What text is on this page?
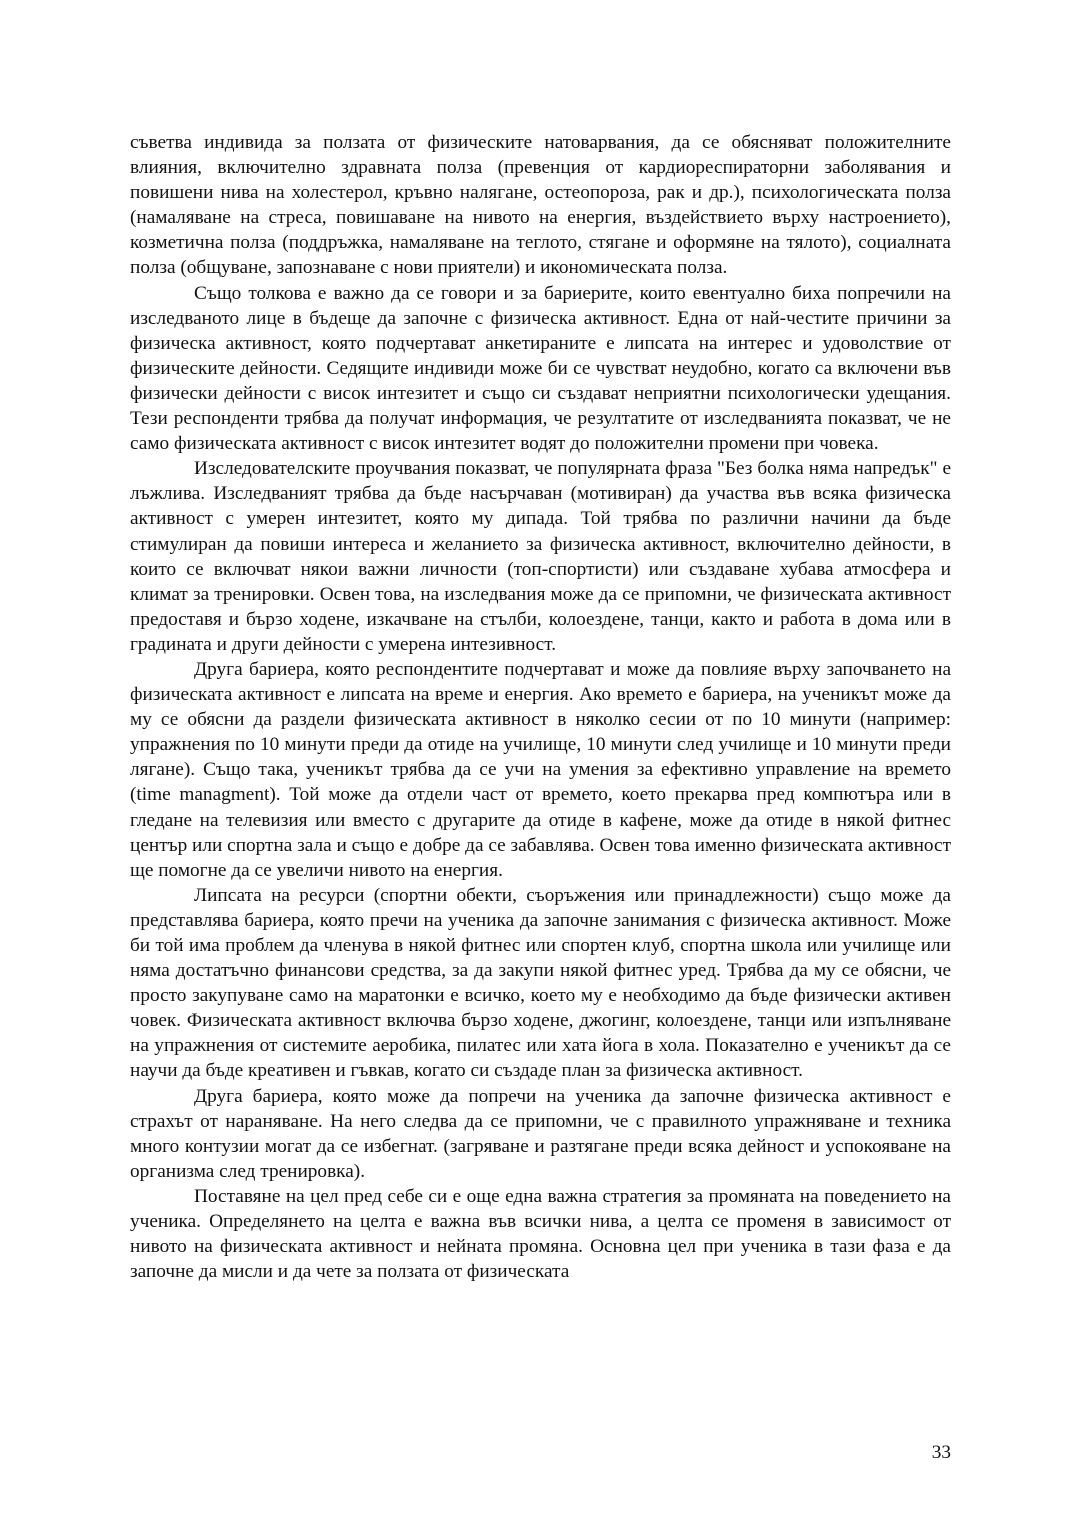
съветва индивида за ползата от физическите натоварвания, да се обясняват положителните влияния, включително здравната полза (превенция от кардиореспираторни заболявания и повишени нива на холестерол, кръвно налягане, остеопороза, рак и др.), психологическата полза (намаляване на стреса, повишаване на нивото на енергия, въздействието върху настроението), козметична полза (поддръжка, намаляване на теглото, стягане и оформяне на тялото), социалната полза (общуване, запознаване с нови приятели) и икономическата полза.

Също толкова е важно да се говори и за бариерите, които евентуално биха попречили на изследваното лице в бъдеще да започне с физическа активност. Една от най-честите причини за физическа активност, която подчертават анкетираните е липсата на интерес и удоволствие от физическите дейности. Седящите индивиди може би се чувстват неудобно, когато са включени във физически дейности с висок интезитет и също си създават неприятни психологически удещания. Тези респонденти трябва да получат информация, че резултатите от изследванията показват, че не само физическата активност с висок интезитет водят до положителни промени при човека.

Изследователските проучвания показват, че популярната фраза "Без болка няма напредък" е лъжлива. Изследваният трябва да бъде насърчаван (мотивиран) да участва във всяка физическа активност с умерен интезитет, която му дипада. Той трябва по различни начини да бъде стимулиран да повиши интереса и желанието за физическа активност, включително дейности, в които се включват някои важни личности (топ-спортисти) или създаване хубава атмосфера и климат за тренировки. Освен това, на изследвания може да се припомни, че физическата активност предоставя и бързо ходене, изкачване на стълби, колоездене, танци, както и работа в дома или в градината и други дейности с умерена интезивност.

Друга бариера, която респондентите подчертават и може да повлияе върху започването на физическата активност е липсата на време и енергия. Ако времето е бариера, на ученикът може да му се обясни да раздели физическата активност в няколко сесии от по 10 минути (например: упражнения по 10 минути преди да отиде на училище, 10 минути след училище и 10 минути преди лягане). Също така, ученикът трябва да се учи на умения за ефективно управление на времето (time managment). Той може да отдели част от времето, което прекарва пред компютъра или в гледане на телевизия или вместо с другарите да отиде в кафене, може да отиде в някой фитнес център или спортна зала и също е добре да се забавлява. Освен това именно физическата активност ще помогне да се увеличи нивото на енергия.

Липсата на ресурси (спортни обекти, съоръжения или принадлежности) също може да представлява бариера, която пречи на ученика да започне занимания с физическа активност. Може би той има проблем да членува в някой фитнес или спортен клуб, спортна школа или училище или няма достатъчно финансови средства, за да закупи някой фитнес уред. Трябва да му се обясни, че просто закупуване само на маратонки е всичко, което му е необходимо да бъде физически активен човек. Физическата активност включва бързо ходене, джогинг, колоездене, танци или изпълняване на упражнения от системите аеробика, пилатес или хата йога в хола. Показателно е ученикът да се научи да бъде креативен и гъвкав, когато си създаде план за физическа активност.

Друга бариера, която може да попречи на ученика да започне физическа активност е страхът от нараняване. На него следва да се припомни, че с правилното упражняване и техника много контузии могат да се избегнат. (загряване и разтягане преди всяка дейност и успокояване на организма след тренировка).

Поставяне на цел пред себе си е още една важна стратегия за промяната на поведението на ученика. Определянето на целта е важна във всички нива, а целта се променя в зависимост от нивото на физическата активност и нейната промяна. Основна цел при ученика в тази фаза е да започне да мисли и да чете за ползата от физическата

33
